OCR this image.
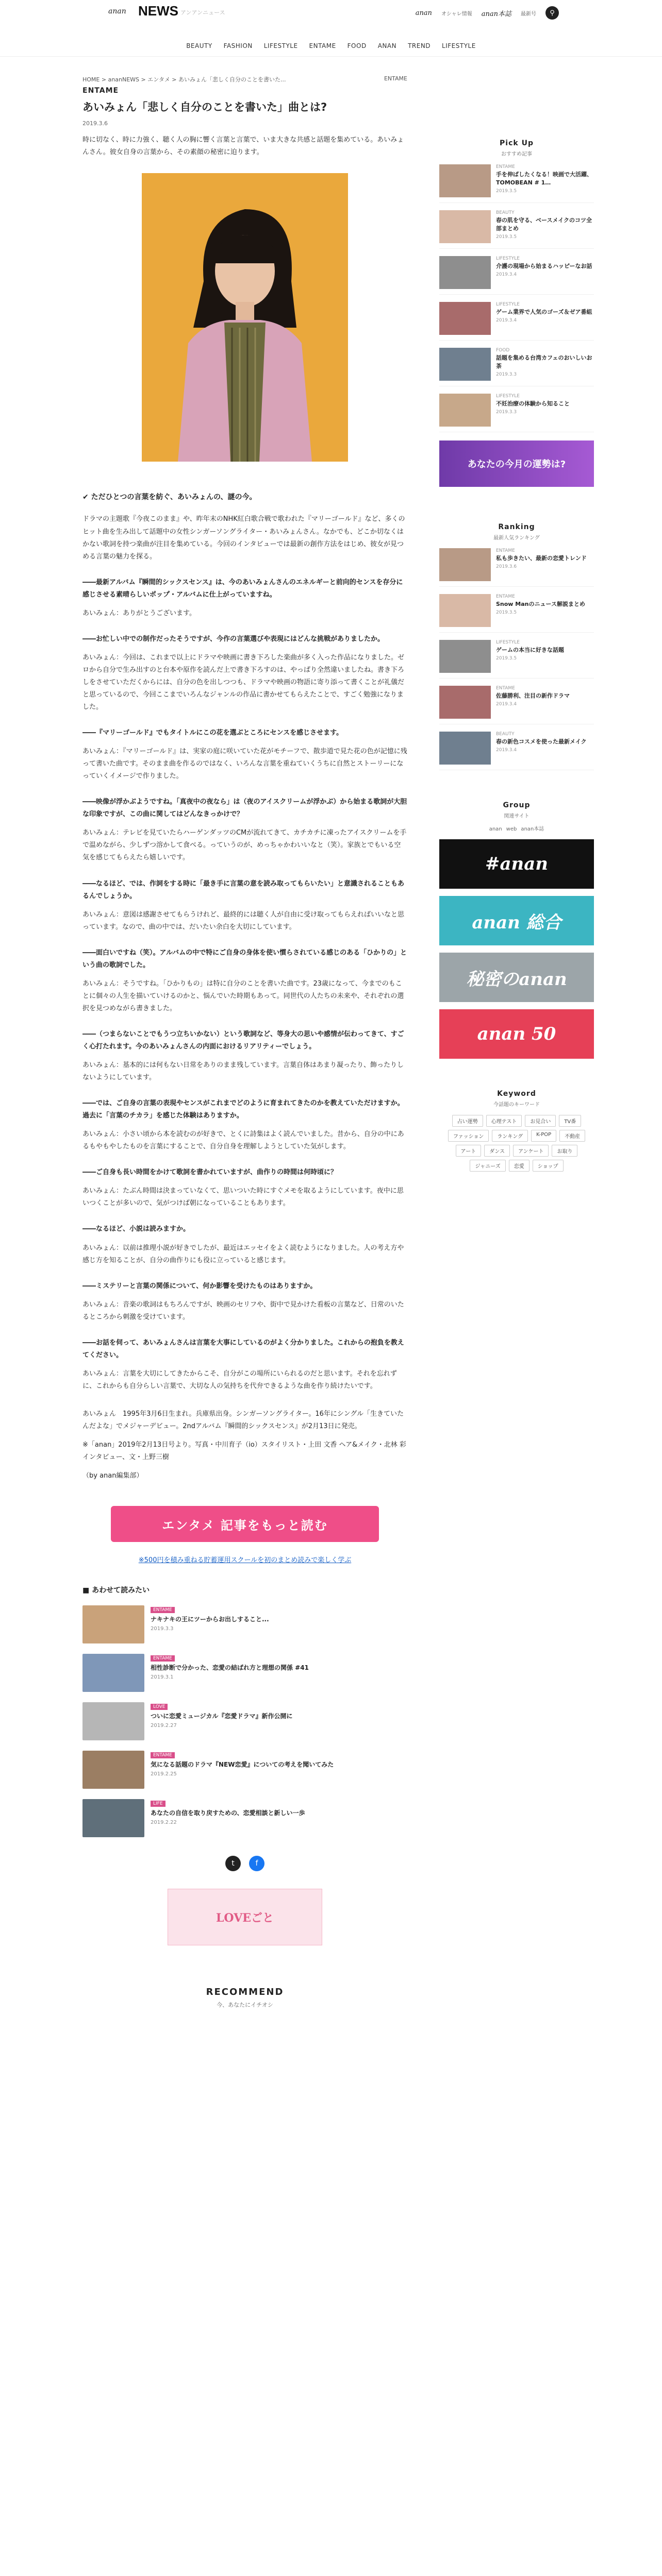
anan NEWS アンアンニュース	anan オシャレ情報 anan本誌 最新号	⚲
BEAUTY FASHION LIFESTYLE ENTAME FOOD ANAN TREND LIFESTYLE
HOME > ananNEWS > エンタメ > あいみょん「悲しく自分のことを書いた...	ENTAME
ENTAME
あいみょん「悲しく自分のことを書いた」曲とは?
2019.3.6

時に切なく、時に力強く、聴く人の胸に響く言葉と言葉で、いま大きな共感と話題を集めている。あいみょんさん。彼女自身の言葉から、その素顔の秘密に迫ります。

✔ ただひとつの言葉を紡ぐ、あいみょんの、謎の今。

ドラマの主題歌『今夜このまま』や、昨年末のNHK紅白歌合戦で歌われた『マリーゴールド』など、多くのヒット曲を生み出して話題中の女性シンガーソングライター・あいみょんさん。なかでも、どこか切なくはかない歌詞を持つ楽曲が注目を集めている。今回のインタビューでは最新の創作方法をはじめ、彼女が見つめる言葉の魅力を探る。

――最新アルバム『瞬間的シックスセンス』は、今のあいみょんさんのエネルギーと前向的センスを存分に感じさせる素晴らしいポップ・アルバムに仕上がっていますね。

あいみょん：ありがとうございます。

――お忙しい中での制作だったそうですが、今作の言葉選びや表現にはどんな挑戦がありましたか。

あいみょん：今回は、これまで以上にドラマや映画に書き下ろした楽曲が多く入った作品になりました。ゼロから自分で生み出すのと台本や原作を読んだ上で書き下ろすのは、やっぱり全然違いましたね。書き下ろしをさせていただくからには、自分の色を出しつつも、ドラマや映画の物語に寄り添って書くことが礼儀だと思っているので、今回ここまでいろんなジャンルの作品に書かせてもらえたことで、すごく勉強になりました。

――『マリーゴールド』でもタイトルにこの花を選ぶところにセンスを感じさせます。

あいみょん：『マリーゴールド』は、実家の庭に咲いていた花がモチーフで、散歩道で見た花の色が記憶に残って書いた曲です。そのまま曲を作るのではなく、いろんな言葉を重ねていくうちに自然とストーリーになっていくイメージで作りました。

――映像が浮かぶようですね。「真夜中の夜なら」は（夜のアイスクリームが浮かぶ）から始まる歌詞が大胆な印象ですが、この曲に関してはどんなきっかけで？

あいみょん：テレビを見ていたらハーゲンダッツのCMが流れてきて、カチカチに凍ったアイスクリームを手で温めながら、少しずつ溶かして食べる。っていうのが、めっちゃかわいいなと（笑）。家族とでもいる空気を感じてもらえたら嬉しいです。

――なるほど、では、作詞をする時に「最き手に言葉の意を読み取ってもらいたい」と意識されることもあるんでしょうか。

あいみょん：意図は感謝させてもらうけれど、最終的には聴く人が自由に受け取ってもらえればいいなと思っています。なので、曲の中では、だいたい余白を大切にしています。

――面白いですね（笑）。アルバムの中で特にご自身の身体を使い慣らされている感じのある「ひかりの」という曲の歌詞でした。

あいみょん：そうですね。「ひかりもの」は特に自分のことを書いた曲です。23歳になって、今までのもことに個々の人生を描いていけるのかと、悩んでいた時期もあって。同世代の人たちの未来や、それぞれの選択を見つめながら書きました。

――（つまらないことでもうつ立ちいかない）という歌詞など、等身大の思いや感情が伝わってきて、すごく心打たれます。今のあいみょんさんの内面におけるリアリティーでしょう。

あいみょん：基本的には何もない日常をありのまま残しています。言葉自体はあまり凝ったり、飾ったりしないようにしています。

――では、ご自身の言葉の表現やセンスがこれまでどのように育まれてきたのかを教えていただけますか。過去に「言葉のチカラ」を感じた体験はありますか。

あいみょん：小さい頃から本を読むのが好きで、とくに詩集はよく読んでいました。昔から、自分の中にあるもやもやしたものを言葉にすることで、自分自身を理解しようとしていた気がします。

――ご自身も長い時間をかけて歌詞を書かれていますが、曲作りの時間は何時頃に？

あいみょん：たぶん時間は決まっていなくて、思いついた時にすぐメモを取るようにしています。夜中に思いつくことが多いので、気がつけば朝になっていることもあります。

――なるほど、小説は読みますか。

あいみょん：以前は推理小説が好きでしたが、最近はエッセイをよく読むようになりました。人の考え方や感じ方を知ることが、自分の曲作りにも役に立っていると感じます。

――ミステリーと言葉の関係について、何か影響を受けたものはありますか。

あいみょん：音楽の歌詞はもちろんですが、映画のセリフや、街中で見かけた看板の言葉など、日常のいたるところから刺激を受けています。

――お話を伺って、あいみょんさんは言葉を大事にしているのがよく分かりました。これからの抱負を教えてください。

あいみょん：言葉を大切にしてきたからこそ、自分がこの場所にいられるのだと思います。それを忘れずに、これからも自分らしい言葉で、大切な人の気持ちを代弁できるような曲を作り続けたいです。

あいみょん　1995年3月6日生まれ。兵庫県出身。シンガーソングライター。16年にシングル「生きていたんだよな」でメジャーデビュー。2ndアルバム『瞬間的シックスセンス』が2月13日に発売。

※「anan」2019年2月13日号より。写真・中川育子（io）スタイリスト・上田 文香 ヘア&メイク・北林 彩 インタビュー、文・上野三樹

（by anan編集部）

エンタメ 記事をもっと読む

※500円を積み重ねる貯蓄運用スクールを初のまとめ読みで楽しく学ぶ

■ あわせて読みたい
ENTAME
ナキナキの王にツーからお出しすること...
2019.3.3
ENTAME
相性診断で分かった、恋愛の結ばれ方と理想の関係 #41
2019.3.1
LOVE
ついに恋愛ミュージカル『恋愛ドラマ』新作公開に
2019.2.27
ENTAME
気になる話題のドラマ『NEW恋愛』についての考えを聞いてみた
2019.2.25
LIFE
あなたの自信を取り戻すための、恋愛相談と新しい一歩
2019.2.22
t	f
LOVEごと
RECOMMEND
今、あなたにイチオシ
Pick Up
おすすめ記事
ENTAME
手を伸ばしたくなる！映画で大活躍、TOMOBEAN # 1…
2019.3.5
BEAUTY
春の肌を守る、ベースメイクのコツ全部まとめ
2019.3.5
LIFESTYLE
介護の現場から始まるハッピーなお話
2019.3.4
LIFESTYLE
ゲーム業界で人気のゴーズ＆ゼア番組
2019.3.4
FOOD
話題を集める台湾カフェのおいしいお茶
2019.3.3
LIFESTYLE
不妊治療の体験から知ること
2019.3.3
あなたの今月の運勢は?
Ranking
最新人気ランキング
ENTAME
私も歩きたい、最新の恋愛トレンド
2019.3.6
ENTAME
Snow Manのニュース解説まとめ
2019.3.5
LIFESTYLE
ゲームの本当に好きな話題
2019.3.5
ENTAME
佐藤勝利、注目の新作ドラマ
2019.3.4
BEAUTY
春の新色コスメを使った最新メイク
2019.3.4
Group
関連サイト
anan web anan本誌
#anan
anan 総合
秘密のanan
anan 50
Keyword
今話題のキーワード
占い運勢	心理テスト	お見合い	TV番
ファッション	ランキング	K-POP	不動産
アート	ダンス	アンケート	お取り
ジャニーズ	恋愛	ショップ
